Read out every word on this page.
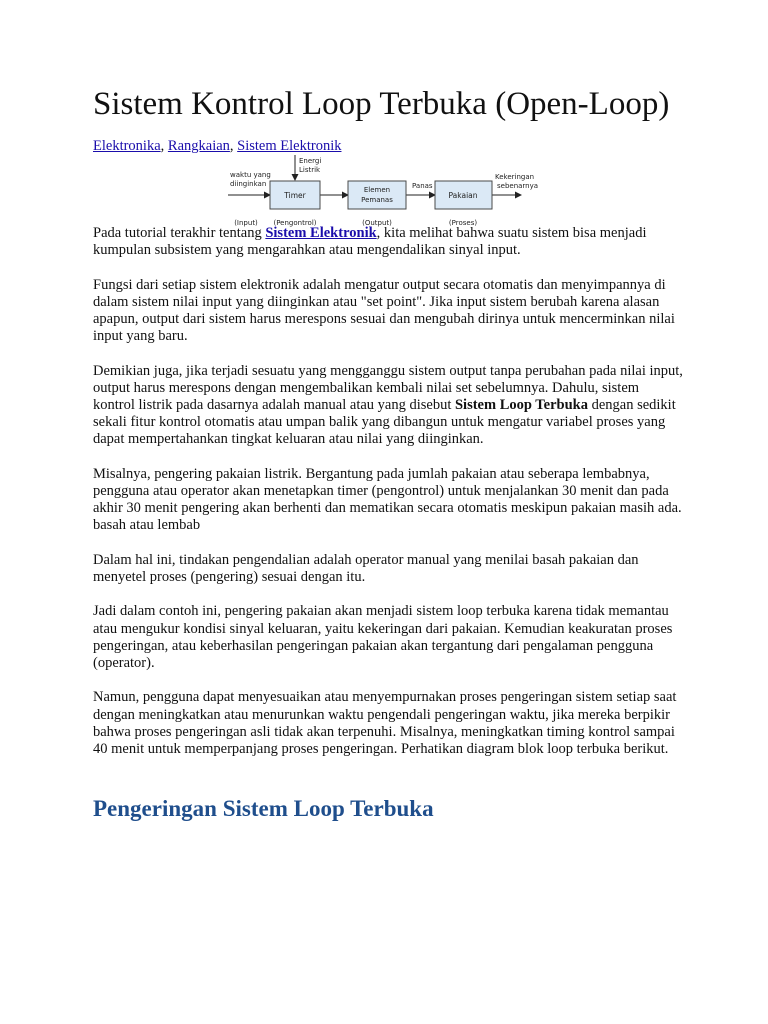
Sistem Kontrol Loop Terbuka (Open-Loop)
Elektronika, Rangkaian, Sistem Elektronik
Energi
Listrik
waktu yang
diinginkan
Timer
Elemen
Pemanas
Panas
Pakaian
Kekeringan
sebenarnya
(Input) (Pengontrol)	(Output)	(Proses)

Pada tutorial terakhir tentang Sistem Elektronik, kita melihat bahwa suatu sistem bisa menjadi kumpulan subsistem yang mengarahkan atau mengendalikan sinyal input.

Fungsi dari setiap sistem elektronik adalah mengatur output secara otomatis dan menyimpannya di dalam sistem nilai input yang diinginkan atau "set point". Jika input sistem berubah karena alasan apapun, output dari sistem harus merespons sesuai dan mengubah dirinya untuk mencerminkan nilai input yang baru.

Demikian juga, jika terjadi sesuatu yang mengganggu sistem output tanpa perubahan pada nilai input, output harus merespons dengan mengembalikan kembali nilai set sebelumnya. Dahulu, sistem kontrol listrik pada dasarnya adalah manual atau yang disebut Sistem Loop Terbuka dengan sedikit sekali fitur kontrol otomatis atau umpan balik yang dibangun untuk mengatur variabel proses yang dapat mempertahankan tingkat keluaran atau nilai yang diinginkan.

Misalnya, pengering pakaian listrik. Bergantung pada jumlah pakaian atau seberapa lembabnya, pengguna atau operator akan menetapkan timer (pengontrol) untuk menjalankan 30 menit dan pada akhir 30 menit pengering akan berhenti dan mematikan secara otomatis meskipun pakaian masih ada. basah atau lembab

Dalam hal ini, tindakan pengendalian adalah operator manual yang menilai basah pakaian dan menyetel proses (pengering) sesuai dengan itu.

Jadi dalam contoh ini, pengering pakaian akan menjadi sistem loop terbuka karena tidak memantau atau mengukur kondisi sinyal keluaran, yaitu kekeringan dari pakaian. Kemudian keakuratan proses pengeringan, atau keberhasilan pengeringan pakaian akan tergantung dari pengalaman pengguna (operator).

Namun, pengguna dapat menyesuaikan atau menyempurnakan proses pengeringan sistem setiap saat dengan meningkatkan atau menurunkan waktu pengendali pengeringan waktu, jika mereka berpikir bahwa proses pengeringan asli tidak akan terpenuhi. Misalnya, meningkatkan timing kontrol sampai 40 menit untuk memperpanjang proses pengeringan. Perhatikan diagram blok loop terbuka berikut.

Pengeringan Sistem Loop Terbuka
